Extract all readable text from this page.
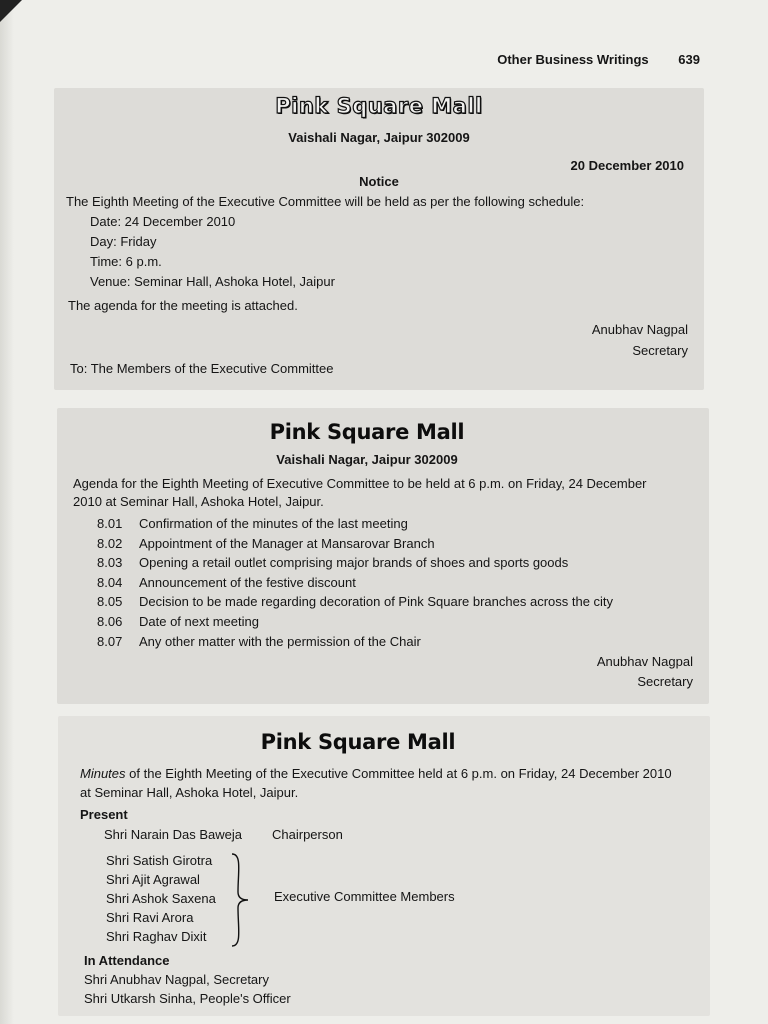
Other Business Writings 639
Pink Square Mall
Vaishali Nagar, Jaipur 302009
20 December 2010
Notice
The Eighth Meeting of the Executive Committee will be held as per the following schedule:
Date: 24 December 2010
Day: Friday
Time: 6 p.m.
Venue: Seminar Hall, Ashoka Hotel, Jaipur
The agenda for the meeting is attached.
Anubhav Nagpal
Secretary
To: The Members of the Executive Committee
Pink Square Mall
Vaishali Nagar, Jaipur 302009
Agenda for the Eighth Meeting of Executive Committee to be held at 6 p.m. on Friday, 24 December
2010 at Seminar Hall, Ashoka Hotel, Jaipur.
8.01 Confirmation of the minutes of the last meeting
8.02 Appointment of the Manager at Mansarovar Branch
8.03 Opening a retail outlet comprising major brands of shoes and sports goods
8.04 Announcement of the festive discount
8.05 Decision to be made regarding decoration of Pink Square branches across the city
8.06 Date of next meeting
8.07 Any other matter with the permission of the Chair
Anubhav Nagpal
Secretary
Pink Square Mall
Minutes of the Eighth Meeting of the Executive Committee held at 6 p.m. on Friday, 24 December 2010
at Seminar Hall, Ashoka Hotel, Jaipur.
Present
Shri Narain Das Baweja Chairperson
Shri Satish Girotra
Shri Ajit Agrawal
Shri Ashok Saxena
Shri Ravi Arora
Shri Raghav Dixit
Executive Committee Members
In Attendance
Shri Anubhav Nagpal, Secretary
Shri Utkarsh Sinha, People's Officer
